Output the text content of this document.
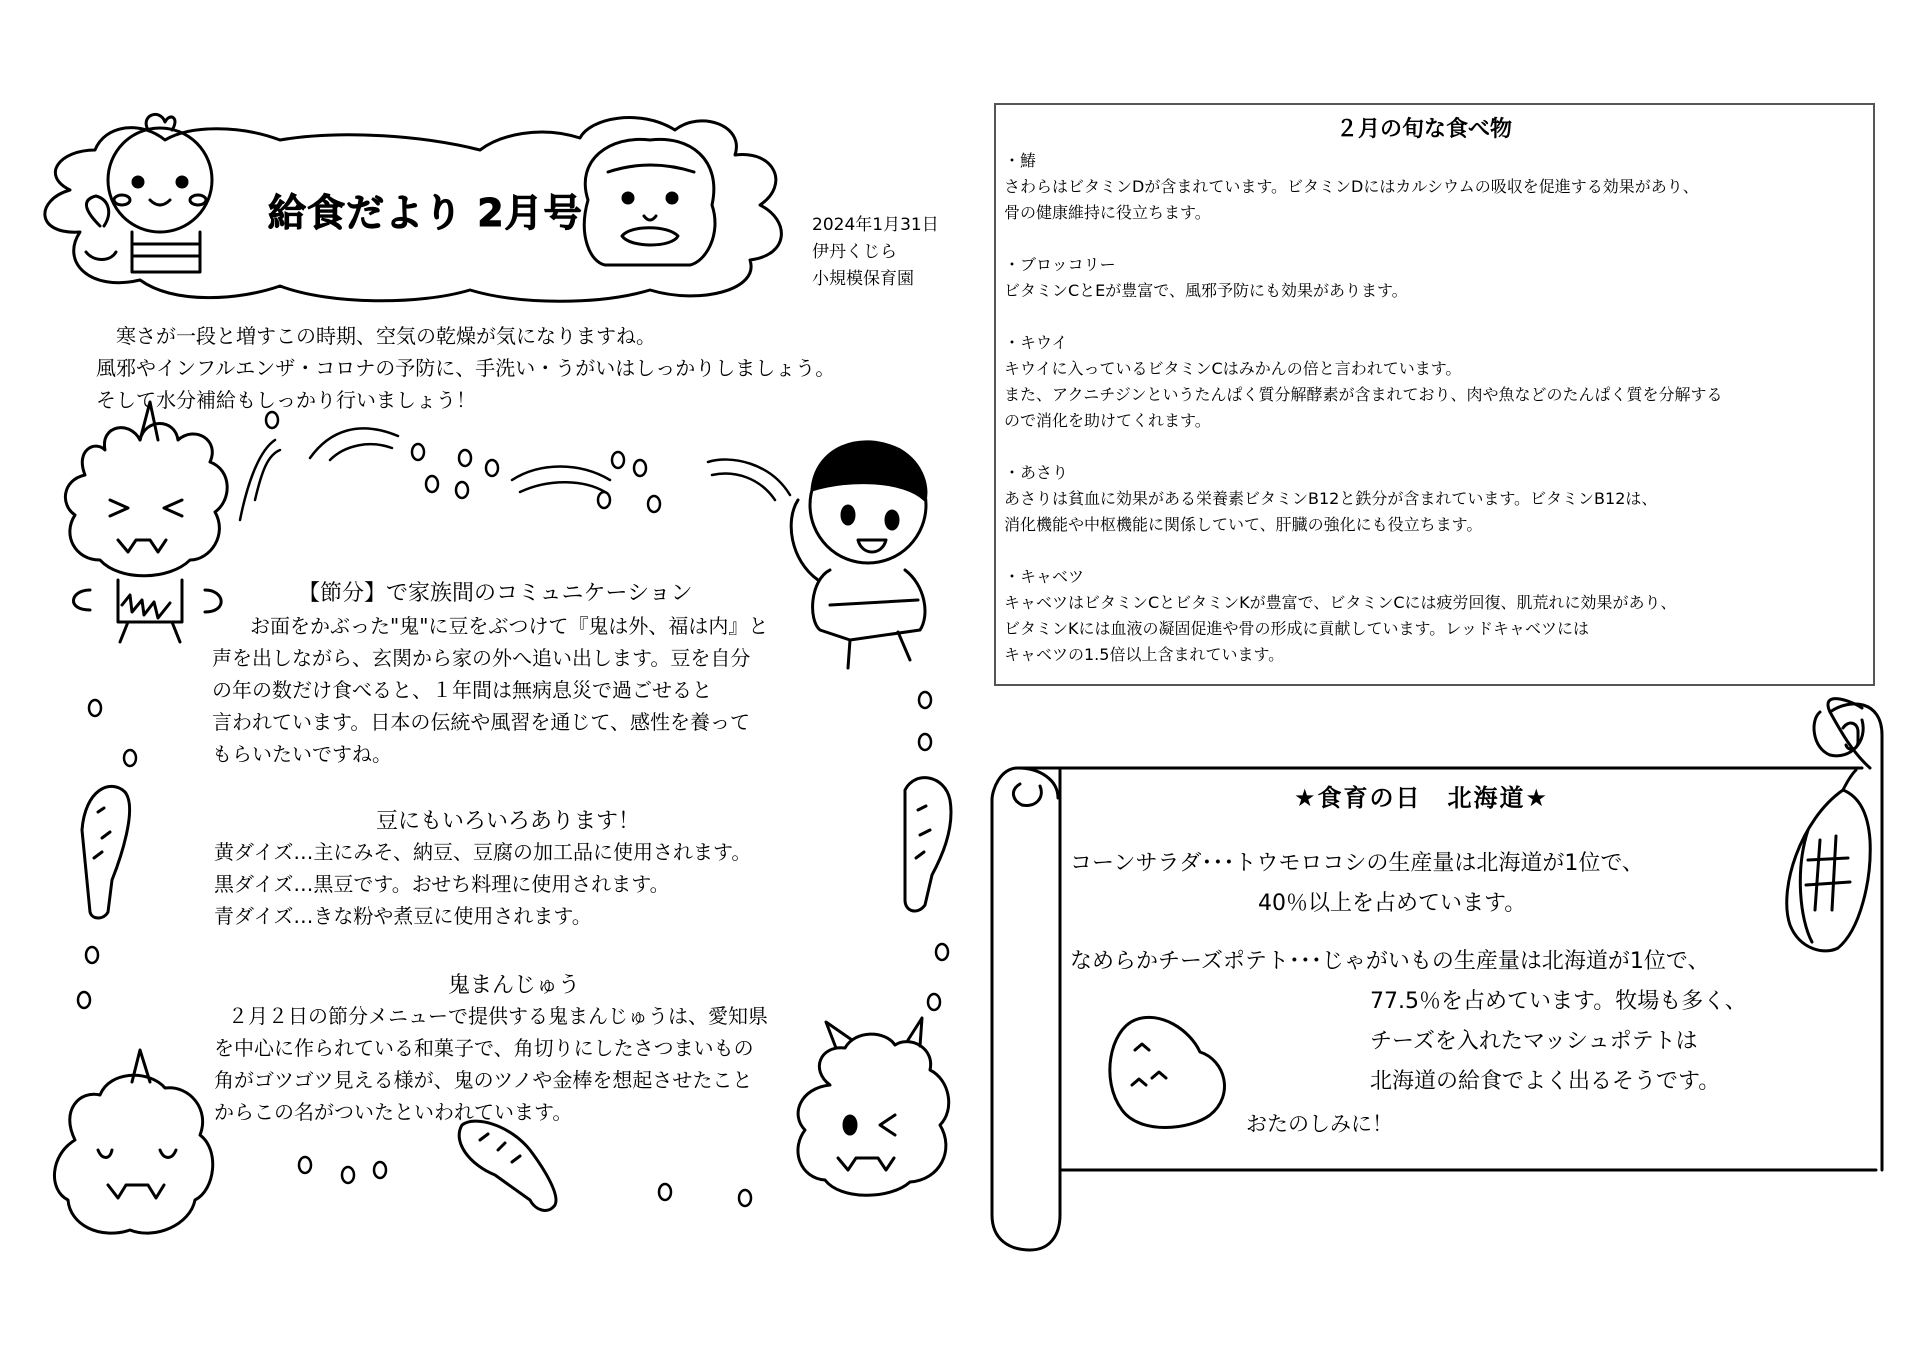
給食だより 2月号	2024年1月31日
伊丹くじら
小規模保育園
寒さが一段と増すこの時期、空気の乾燥が気になりますね。
風邪やインフルエンザ・コロナの予防に、手洗い・うがいはしっかりしましょう。
そして水分補給もしっかり行いましょう！
【節分】で家族間のコミュニケーション
お面をかぶった"鬼"に豆をぶつけて『鬼は外、福は内』と
声を出しながら、玄関から家の外へ追い出します。豆を自分
の年の数だけ食べると、１年間は無病息災で過ごせると
言われています。日本の伝統や風習を通じて、感性を養って
もらいたいですね。
豆にもいろいろあります！
黄ダイズ…主にみそ、納豆、豆腐の加工品に使用されます。
黒ダイズ…黒豆です。おせち料理に使用されます。
青ダイズ…きな粉や煮豆に使用されます。
鬼まんじゅう
２月２日の節分メニューで提供する鬼まんじゅうは、愛知県
を中心に作られている和菓子で、角切りにしたさつまいもの
角がゴツゴツ見える様が、鬼のツノや金棒を想起させたこと
からこの名がついたといわれています。
２月の旬な食べ物
・鰆
さわらはビタミンDが含まれています。ビタミンDにはカルシウムの吸収を促進する効果があり、
骨の健康維持に役立ちます。
・ブロッコリー
ビタミンCとEが豊富で、風邪予防にも効果があります。
・キウイ
キウイに入っているビタミンCはみかんの倍と言われています。
また、アクニチジンというたんぱく質分解酵素が含まれており、肉や魚などのたんぱく質を分解する
ので消化を助けてくれます。
・あさり
あさりは貧血に効果がある栄養素ビタミンB12と鉄分が含まれています。ビタミンB12は、
消化機能や中枢機能に関係していて、肝臓の強化にも役立ちます。
・キャベツ
キャベツはビタミンCとビタミンKが豊富で、ビタミンCには疲労回復、肌荒れに効果があり、
ビタミンKには血液の凝固促進や骨の形成に貢献しています。レッドキャベツには
キャベツの1.5倍以上含まれています。
★食育の日　北海道★
コーンサラダ･･･トウモロコシの生産量は北海道が1位で、
40％以上を占めています。
なめらかチーズポテト･･･じゃがいもの生産量は北海道が1位で、
77.5％を占めています。牧場も多く、
チーズを入れたマッシュポテトは
北海道の給食でよく出るそうです。
おたのしみに！
